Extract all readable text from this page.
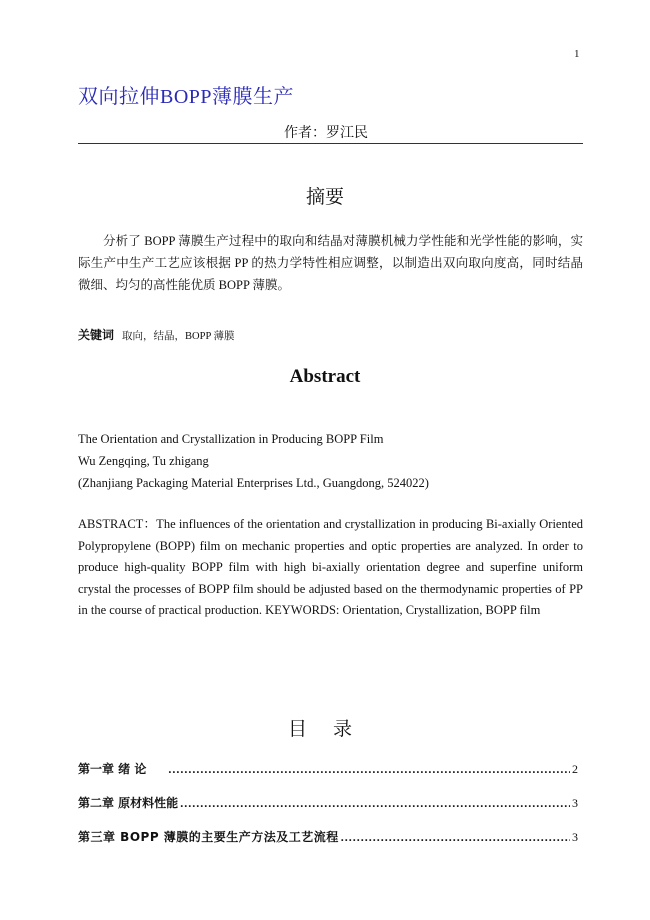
1
双向拉伸BOPP薄膜生产
作者：罗江民
摘要
分析了 BOPP 薄膜生产过程中的取向和结晶对薄膜机械力学性能和光学性能的影响，实际生产中生产工艺应该根据 PP 的热力学特性相应调整，以制造出双向取向度高，同时结晶微细、均匀的高性能优质 BOPP 薄膜。
关键词 取向，结晶，BOPP 薄膜
Abstract
The Orientation and Crystallization in Producing BOPP Film
Wu Zengqing, Tu zhigang
(Zhanjiang Packaging Material Enterprises Ltd., Guangdong, 524022)
ABSTRACT：The influences of the orientation and crystallization in producing Bi-axially Oriented Polypropylene (BOPP) film on mechanic properties and optic properties are analyzed. In order to produce high-quality BOPP film with high bi-axially orientation degree and superfine uniform crystal the processes of BOPP film should be adjusted based on the thermodynamic properties of PP in the course of practical production. KEYWORDS: Orientation, Crystallization, BOPP film
目 录
第一章 绪 论 .....	2
第二章 原材料性能 .....	3
第三章 BOPP 薄膜的主要生产方法及工艺流程 .....	3
